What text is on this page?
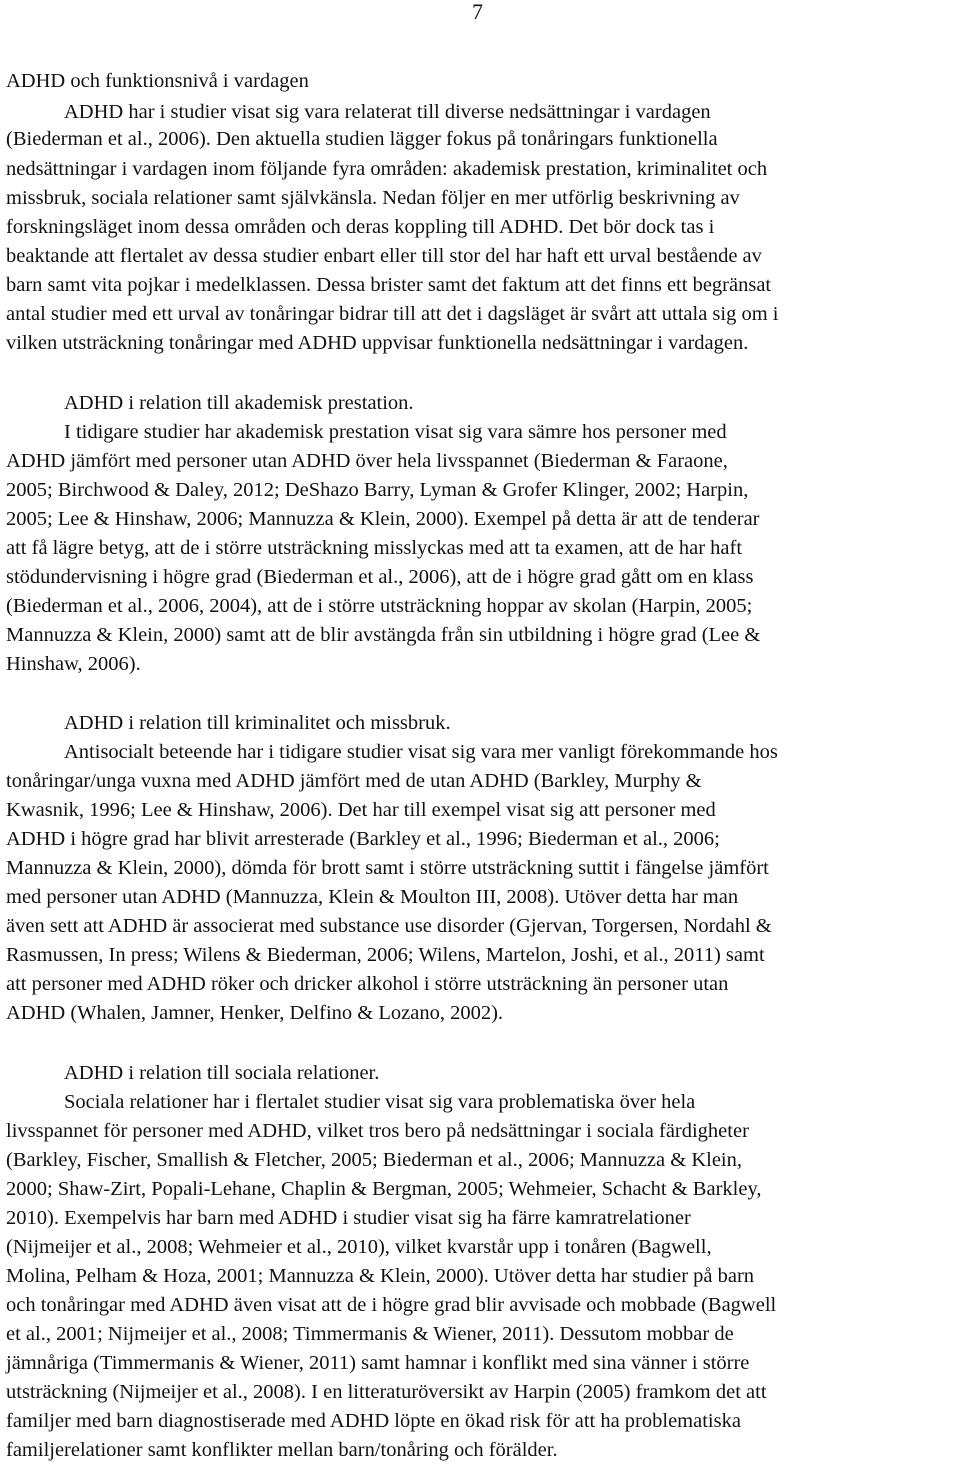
7
ADHD och funktionsnivå i vardagen
ADHD har i studier visat sig vara relaterat till diverse nedsättningar i vardagen
(Biederman et al., 2006). Den aktuella studien lägger fokus på tonåringars funktionella
nedsättningar i vardagen inom följande fyra områden: akademisk prestation, kriminalitet och
missbruk, sociala relationer samt självkänsla. Nedan följer en mer utförlig beskrivning av
forskningsläget inom dessa områden och deras koppling till ADHD. Det bör dock tas i
beaktande att flertalet av dessa studier enbart eller till stor del har haft ett urval bestående av
barn samt vita pojkar i medelklassen. Dessa brister samt det faktum att det finns ett begränsat
antal studier med ett urval av tonåringar bidrar till att det i dagsläget är svårt att uttala sig om i
vilken utsträckning tonåringar med ADHD uppvisar funktionella nedsättningar i vardagen.
ADHD i relation till akademisk prestation.
I tidigare studier har akademisk prestation visat sig vara sämre hos personer med
ADHD jämfört med personer utan ADHD över hela livsspannet (Biederman & Faraone,
2005; Birchwood & Daley, 2012; DeShazo Barry, Lyman & Grofer Klinger, 2002; Harpin,
2005; Lee & Hinshaw, 2006; Mannuzza & Klein, 2000). Exempel på detta är att de tenderar
att få lägre betyg, att de i större utsträckning misslyckas med att ta examen, att de har haft
stödundervisning i högre grad (Biederman et al., 2006), att de i högre grad gått om en klass
(Biederman et al., 2006, 2004), att de i större utsträckning hoppar av skolan (Harpin, 2005;
Mannuzza & Klein, 2000) samt att de blir avstängda från sin utbildning i högre grad (Lee &
Hinshaw, 2006).
ADHD i relation till kriminalitet och missbruk.
Antisocialt beteende har i tidigare studier visat sig vara mer vanligt förekommande hos
tonåringar/unga vuxna med ADHD jämfört med de utan ADHD (Barkley, Murphy &
Kwasnik, 1996; Lee & Hinshaw, 2006). Det har till exempel visat sig att personer med
ADHD i högre grad har blivit arresterade (Barkley et al., 1996; Biederman et al., 2006;
Mannuzza & Klein, 2000), dömda för brott samt i större utsträckning suttit i fängelse jämfört
med personer utan ADHD (Mannuzza, Klein & Moulton III, 2008). Utöver detta har man
även sett att ADHD är associerat med substance use disorder (Gjervan, Torgersen, Nordahl &
Rasmussen, In press; Wilens & Biederman, 2006; Wilens, Martelon, Joshi, et al., 2011) samt
att personer med ADHD röker och dricker alkohol i större utsträckning än personer utan
ADHD (Whalen, Jamner, Henker, Delfino & Lozano, 2002).
ADHD i relation till sociala relationer.
Sociala relationer har i flertalet studier visat sig vara problematiska över hela
livsspannet för personer med ADHD, vilket tros bero på nedsättningar i sociala färdigheter
(Barkley, Fischer, Smallish & Fletcher, 2005; Biederman et al., 2006; Mannuzza & Klein,
2000; Shaw-Zirt, Popali-Lehane, Chaplin & Bergman, 2005; Wehmeier, Schacht & Barkley,
2010). Exempelvis har barn med ADHD i studier visat sig ha färre kamratrelationer
(Nijmeijer et al., 2008; Wehmeier et al., 2010), vilket kvarstår upp i tonåren (Bagwell,
Molina, Pelham & Hoza, 2001; Mannuzza & Klein, 2000). Utöver detta har studier på barn
och tonåringar med ADHD även visat att de i högre grad blir avvisade och mobbade (Bagwell
et al., 2001; Nijmeijer et al., 2008; Timmermanis & Wiener, 2011). Dessutom mobbar de
jämnåriga (Timmermanis & Wiener, 2011) samt hamnar i konflikt med sina vänner i större
utsträckning (Nijmeijer et al., 2008). I en litteraturöversikt av Harpin (2005) framkom det att
familjer med barn diagnostiserade med ADHD löpte en ökad risk för att ha problematiska
familjerelationer samt konflikter mellan barn/tonåring och förälder.
